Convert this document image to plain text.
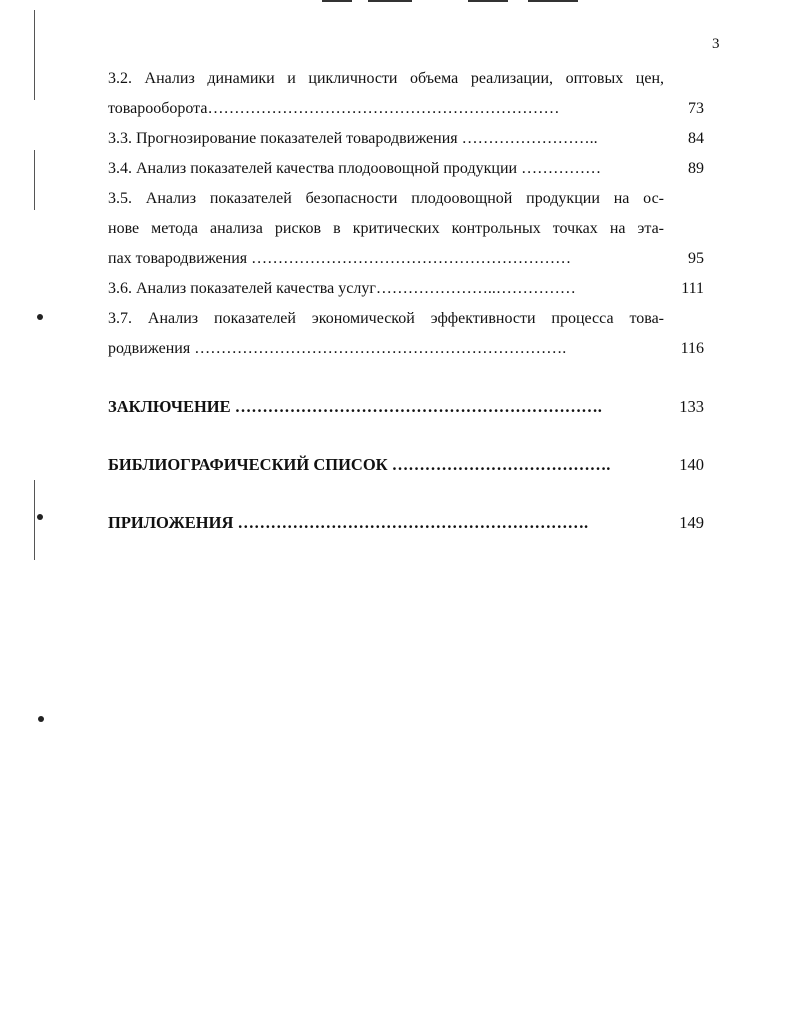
3
3.2. Анализ динамики и цикличности объема реализации, оптовых цен,
товарооборота…………………………………………………………	73
3.3. Прогнозирование показателей товародвижения ……………………..	84
3.4. Анализ показателей качества плодоовощной продукции ……………	89
3.5. Анализ показателей безопасности плодоовощной продукции на ос-
нове метода анализа рисков в критических контрольных точках на эта-
пах товародвижения ……………………………………………………	95
3.6. Анализ показателей качества услуг…………………..……………	111
3.7. Анализ показателей экономической эффективности процесса това-
родвижения …………………………………………………………….	116
ЗАКЛЮЧЕНИЕ ………………………………………………………….	133
БИБЛИОГРАФИЧЕСКИЙ СПИСОК ………………………………….	140
ПРИЛОЖЕНИЯ ……………………………………………………….	149
